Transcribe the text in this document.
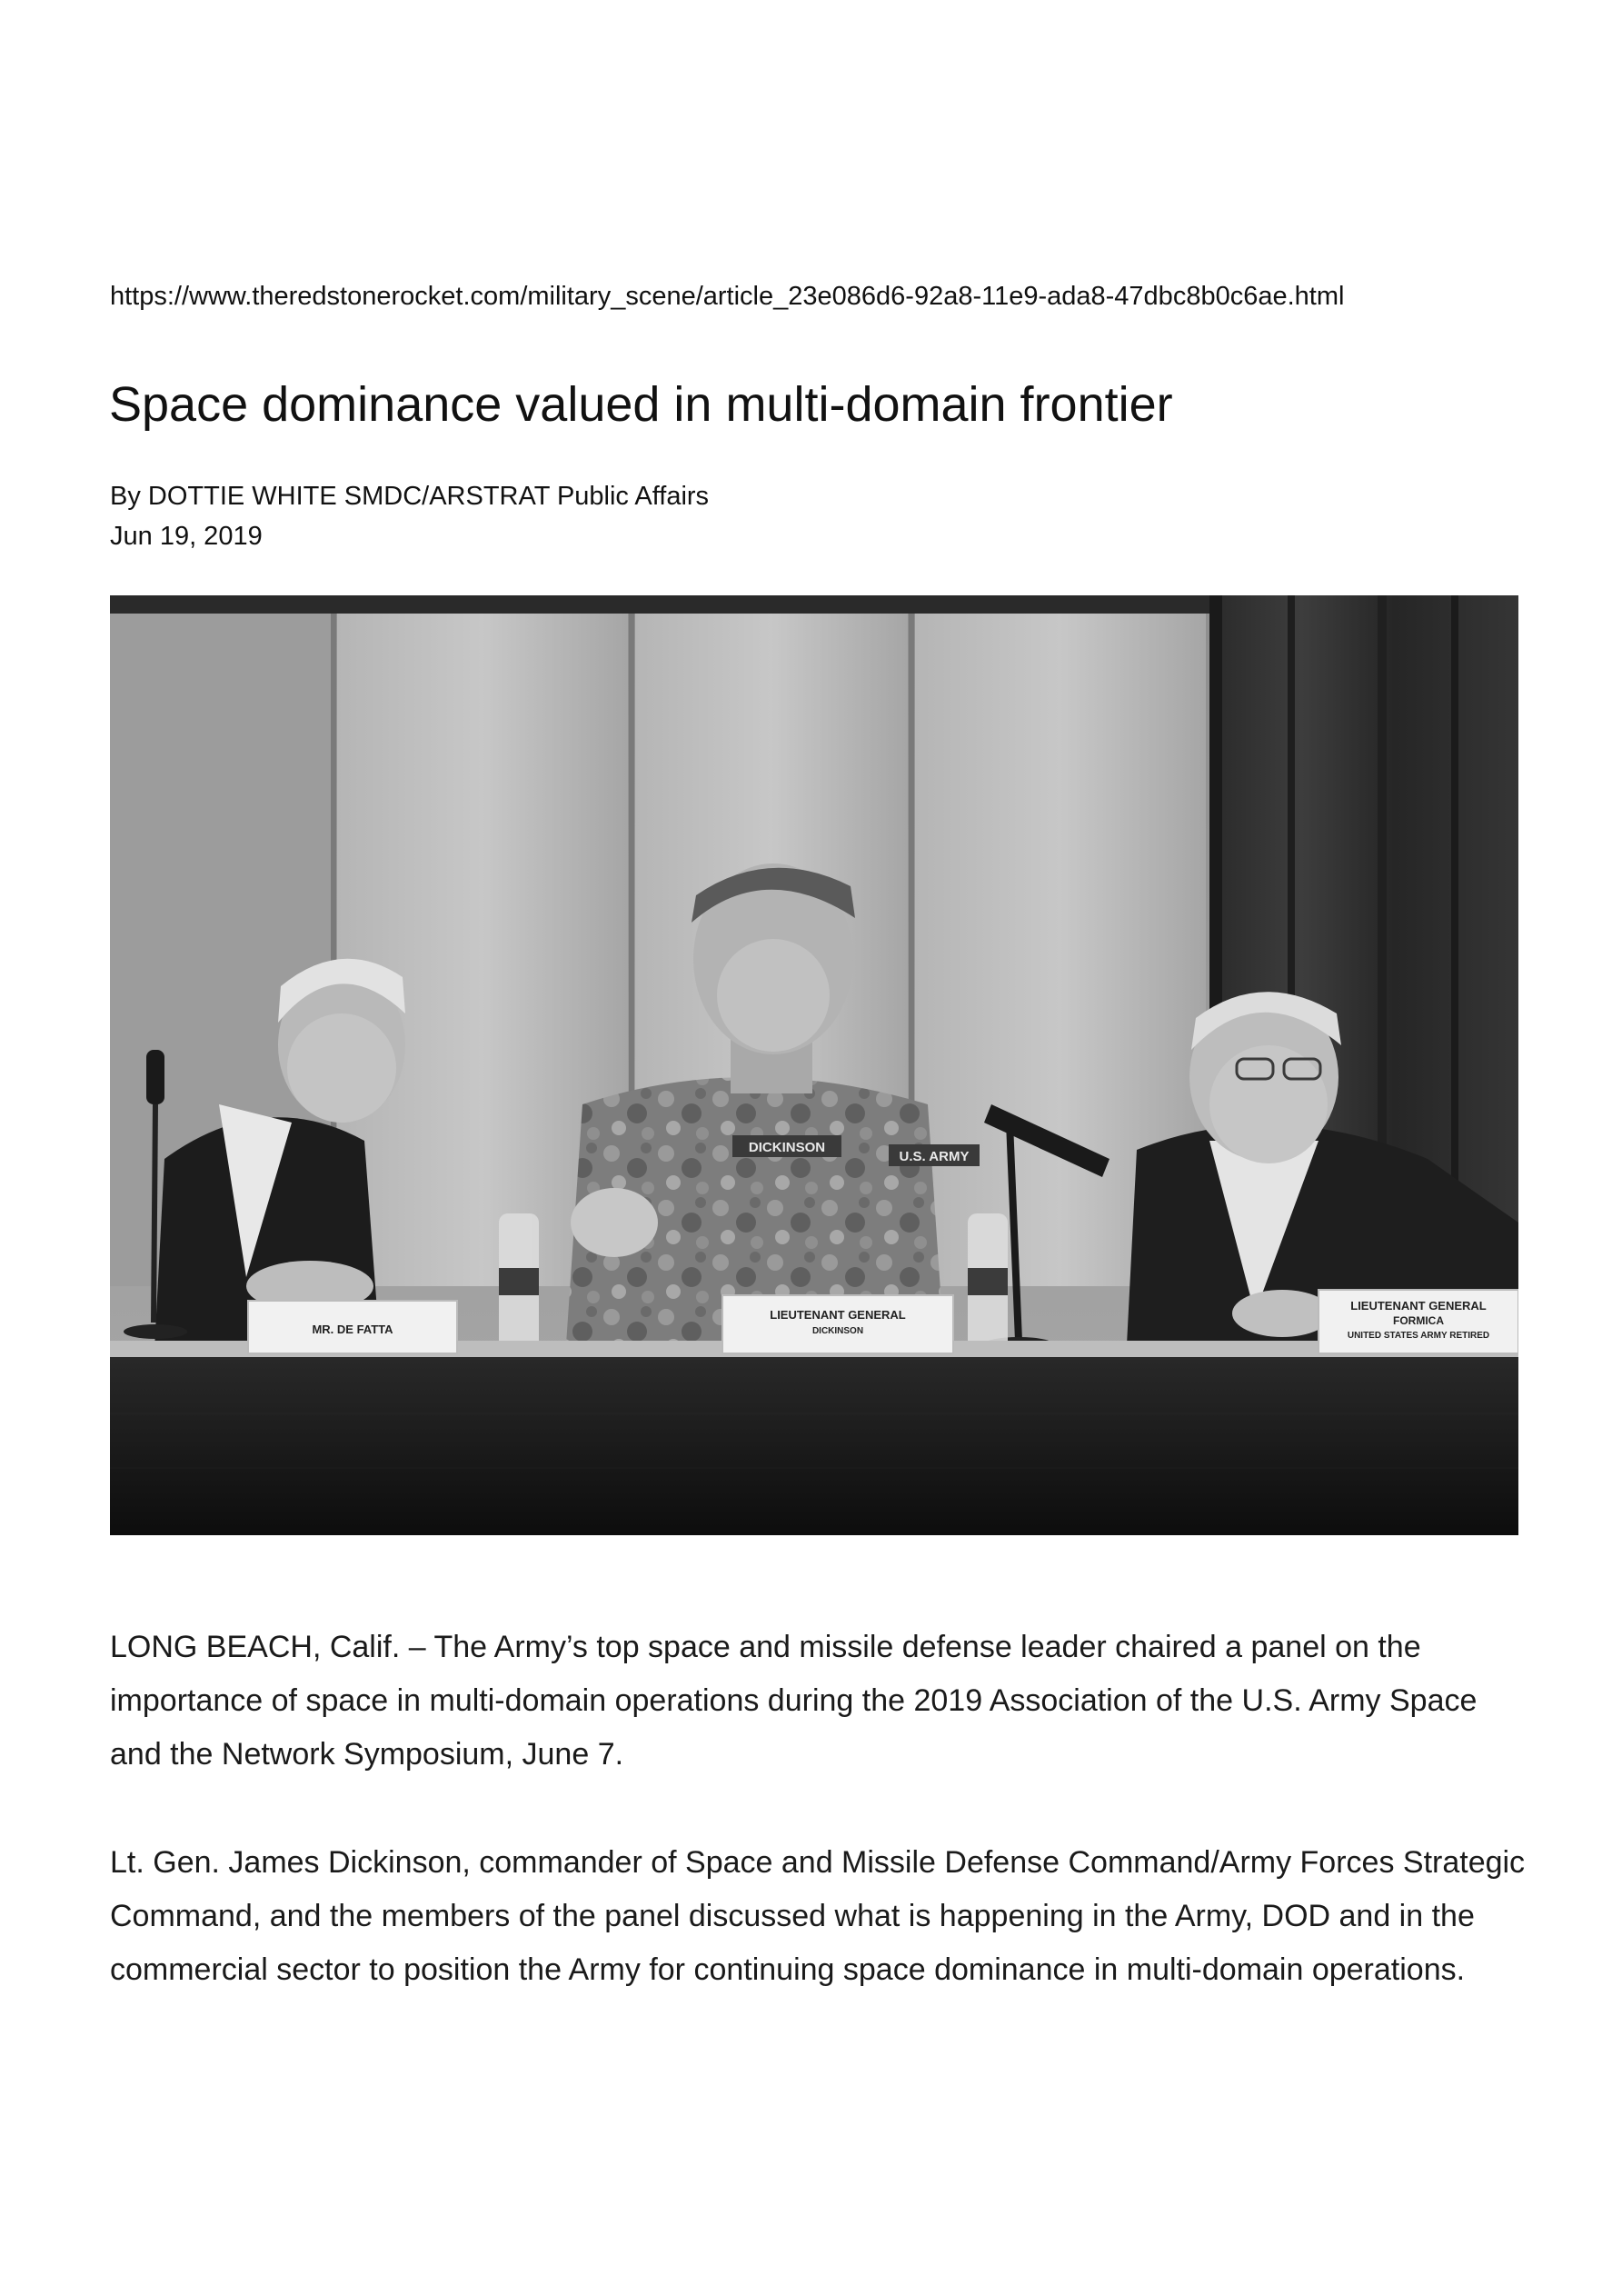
https://www.theredstonerocket.com/military_scene/article_23e086d6-92a8-11e9-ada8-47dbc8b0c6ae.html
Space dominance valued in multi-domain frontier
By DOTTIE WHITE SMDC/ARSTRAT Public Affairs
Jun 19, 2019
DICKINSON
U.S. ARMY
MR. DE FATTA
LIEUTENANT GENERAL
DICKINSON
LIEUTENANT GENERAL
FORMICA
UNITED STATES ARMY RETIRED

LONG BEACH, Calif. – The Army’s top space and missile defense leader chaired a panel on the importance of space in multi-domain operations during the 2019 Association of the U.S. Army Space and the Network Symposium, June 7.

Lt. Gen. James Dickinson, commander of Space and Missile Defense Command/Army Forces Strategic Command, and the members of the panel discussed what is happening in the Army, DOD and in the commercial sector to position the Army for continuing space dominance in multi-domain operations.
